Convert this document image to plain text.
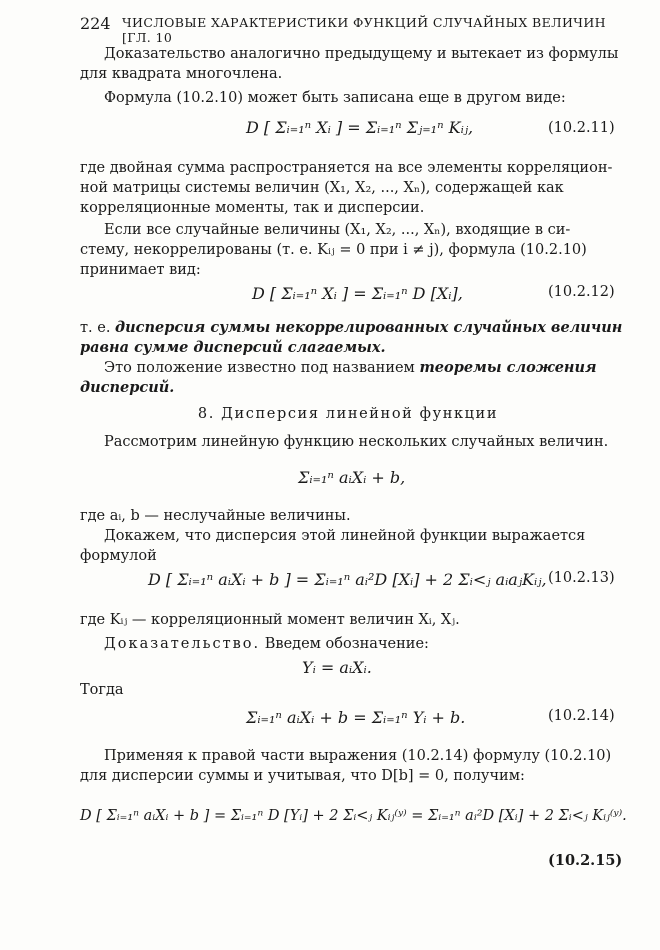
224 ЧИСЛОВЫЕ ХАРАКТЕРИСТИКИ ФУНКЦИЙ СЛУЧАЙНЫХ ВЕЛИЧИН [ГЛ. 10
Доказательство аналогично предыдущему и вытекает из формулы
для квадрата многочлена.
Формула (10.2.10) может быть записана еще в другом виде:
D [ Σᵢ₌₁ⁿ Xᵢ ] = Σᵢ₌₁ⁿ Σⱼ₌₁ⁿ Kᵢⱼ,	(10.2.11)
где двойная сумма распространяется на все элементы корреляцион-
ной матрицы системы величин (X₁, X₂, ..., Xₙ), содержащей как
корреляционные моменты, так и дисперсии.
Если все случайные величины (X₁, X₂, ..., Xₙ), входящие в си-
стему, некоррелированы (т. е. Kᵢⱼ = 0 при i ≠ j), формула (10.2.10)
принимает вид:
D [ Σᵢ₌₁ⁿ Xᵢ ] = Σᵢ₌₁ⁿ D [Xᵢ],	(10.2.12)
т. е. дисперсия суммы некоррелированных случайных величин
равна сумме дисперсий слагаемых.
Это положение известно под названием теоремы сложения
дисперсий.
8. Дисперсия линейной функции
Рассмотрим линейную функцию нескольких случайных величин.
Σᵢ₌₁ⁿ aᵢXᵢ + b,
где aᵢ, b — неслучайные величины.
Докажем, что дисперсия этой линейной функции выражается
формулой
D [ Σᵢ₌₁ⁿ aᵢXᵢ + b ] = Σᵢ₌₁ⁿ aᵢ²D [Xᵢ] + 2 Σᵢ<ⱼ aᵢaⱼKᵢⱼ, (10.2.13)
где Kᵢⱼ — корреляционный момент величин Xᵢ, Xⱼ.
Доказательство. Введем обозначение:
Yᵢ = aᵢXᵢ.
Тогда
Σᵢ₌₁ⁿ aᵢXᵢ + b = Σᵢ₌₁ⁿ Yᵢ + b.	(10.2.14)
Применяя к правой части выражения (10.2.14) формулу (10.2.10)
для дисперсии суммы и учитывая, что D[b] = 0, получим:
D [ Σᵢ₌₁ⁿ aᵢXᵢ + b ] = Σᵢ₌₁ⁿ D [Yᵢ] + 2 Σᵢ<ⱼ Kᵢⱼ⁽ʸ⁾ = Σᵢ₌₁ⁿ aᵢ²D [Xᵢ] + 2 Σᵢ<ⱼ Kᵢⱼ⁽ʸ⁾.
(10.2.15)
